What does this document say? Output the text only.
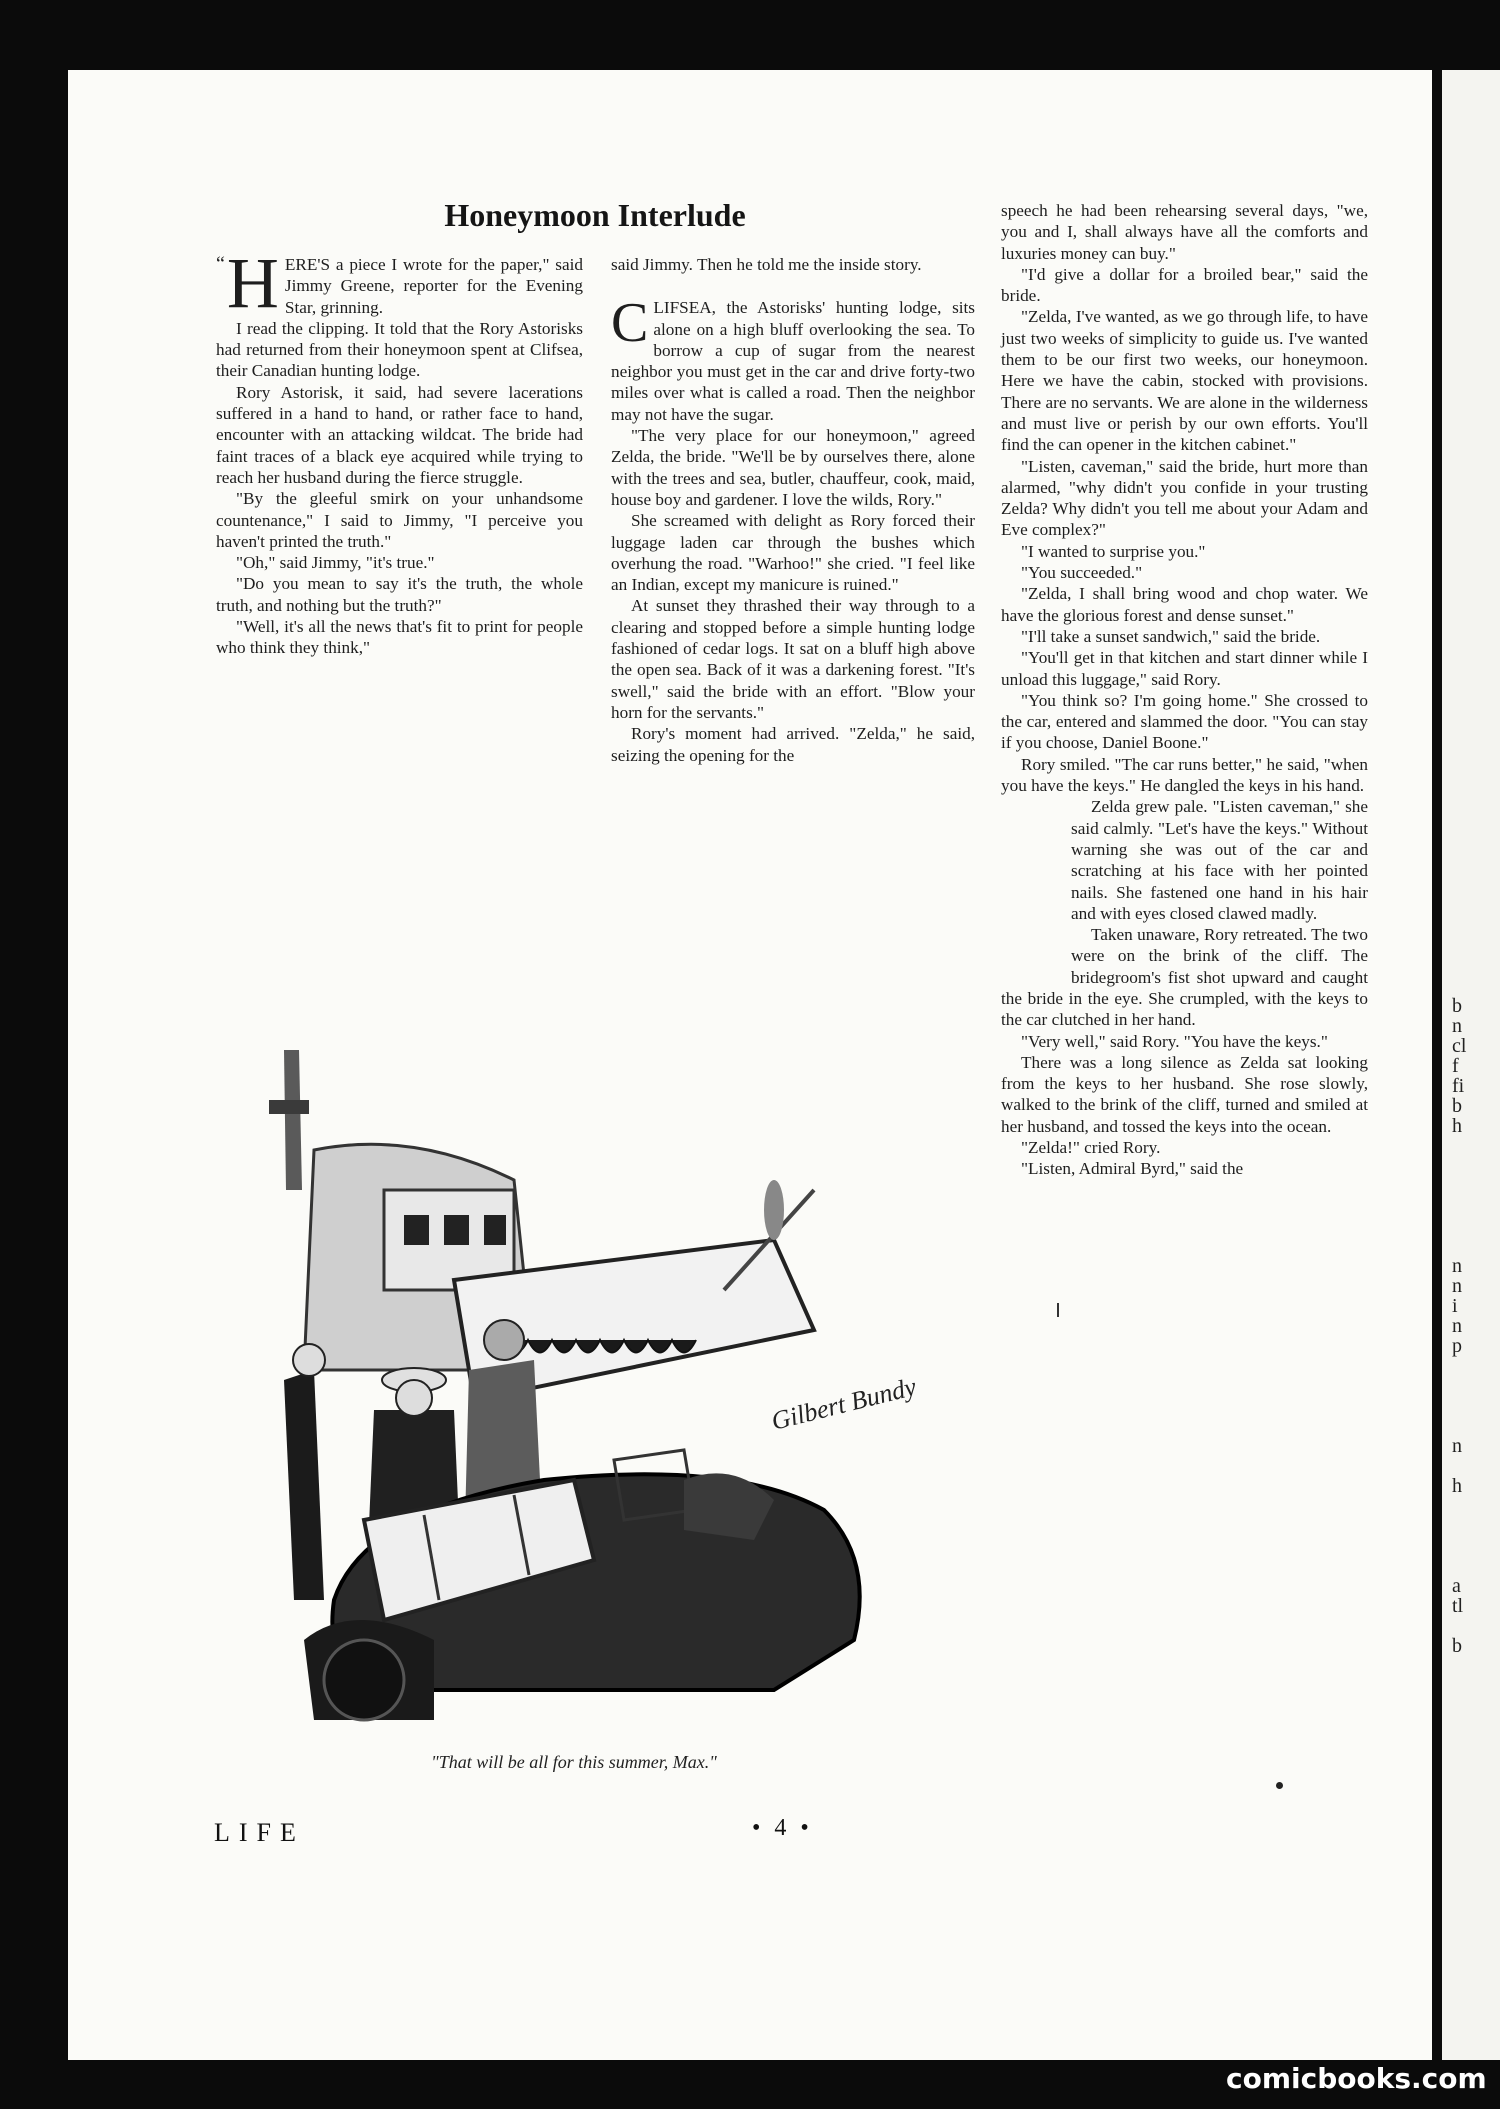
b
n
cl
f
fi
b
h
n
n
i
n
p
n
h
a
tl
b
Honeymoon Interlude

“ H ERE'S a piece I wrote for the paper," said Jimmy Greene, reporter for the Evening Star, grinning.

I read the clipping. It told that the Rory Astorisks had returned from their honeymoon spent at Clifsea, their Canadian hunting lodge.

Rory Astorisk, it said, had severe lacerations suffered in a hand to hand, or rather face to hand, encounter with an attacking wildcat. The bride had faint traces of a black eye acquired while trying to reach her husband during the fierce struggle.

"By the gleeful smirk on your unhandsome countenance," I said to Jimmy, "I perceive you haven't printed the truth."

"Oh," said Jimmy, "it's true."

"Do you mean to say it's the truth, the whole truth, and nothing but the truth?"

"Well, it's all the news that's fit to print for people who think they think,"

said Jimmy. Then he told me the inside story.

CLIFSEA, the Astorisks' hunting lodge, sits alone on a high bluff overlooking the sea. To borrow a cup of sugar from the nearest neighbor you must get in the car and drive forty-two miles over what is called a road. Then the neighbor may not have the sugar.

"The very place for our honeymoon," agreed Zelda, the bride. "We'll be by ourselves there, alone with the trees and sea, butler, chauffeur, cook, maid, house boy and gardener. I love the wilds, Rory."

She screamed with delight as Rory forced their luggage laden car through the bushes which overhung the road. "Warhoo!" she cried. "I feel like an Indian, except my manicure is ruined."

At sunset they thrashed their way through to a clearing and stopped before a simple hunting lodge fashioned of cedar logs. It sat on a bluff high above the open sea. Back of it was a darkening forest. "It's swell," said the bride with an effort. "Blow your horn for the servants."

Rory's moment had arrived. "Zelda," he said, seizing the opening for the

speech he had been rehearsing several days, "we, you and I, shall always have all the comforts and luxuries money can buy."

"I'd give a dollar for a broiled bear," said the bride.

"Zelda, I've wanted, as we go through life, to have just two weeks of simplicity to guide us. I've wanted them to be our first two weeks, our honeymoon. Here we have the cabin, stocked with provisions. There are no servants. We are alone in the wilderness and must live or perish by our own efforts. You'll find the can opener in the kitchen cabinet."

"Listen, caveman," said the bride, hurt more than alarmed, "why didn't you confide in your trusting Zelda? Why didn't you tell me about your Adam and Eve complex?"

"I wanted to surprise you."

"You succeeded."

"Zelda, I shall bring wood and chop water. We have the glorious forest and dense sunset."

"I'll take a sunset sandwich," said the bride.

"You'll get in that kitchen and start dinner while I unload this luggage," said Rory.

"You think so? I'm going home." She crossed to the car, entered and slammed the door. "You can stay if you choose, Daniel Boone."

Rory smiled. "The car runs better," he said, "when you have the keys." He dangled the keys in his hand.

Zelda grew pale. "Listen caveman," she said calmly. "Let's have the keys." Without warning she was out of the car and scratching at his face with her pointed nails. She fastened one hand in his hair and with eyes closed clawed madly.

Taken unaware, Rory retreated. The two were on the brink of the cliff. The bridegroom's fist shot upward and caught the bride in the eye. She crumpled, with the keys to the car clutched in her hand.

"Very well," said Rory. "You have the keys."

There was a long silence as Zelda sat looking from the keys to her husband. She rose slowly, walked to the brink of the cliff, turned and smiled at her husband, and tossed the keys into the ocean.

"Zelda!" cried Rory.

"Listen, Admiral Byrd," said the

Gilbert Bundy
"That will be all for this summer, Max."
LIFE	• 4 •
comicbooks.com
